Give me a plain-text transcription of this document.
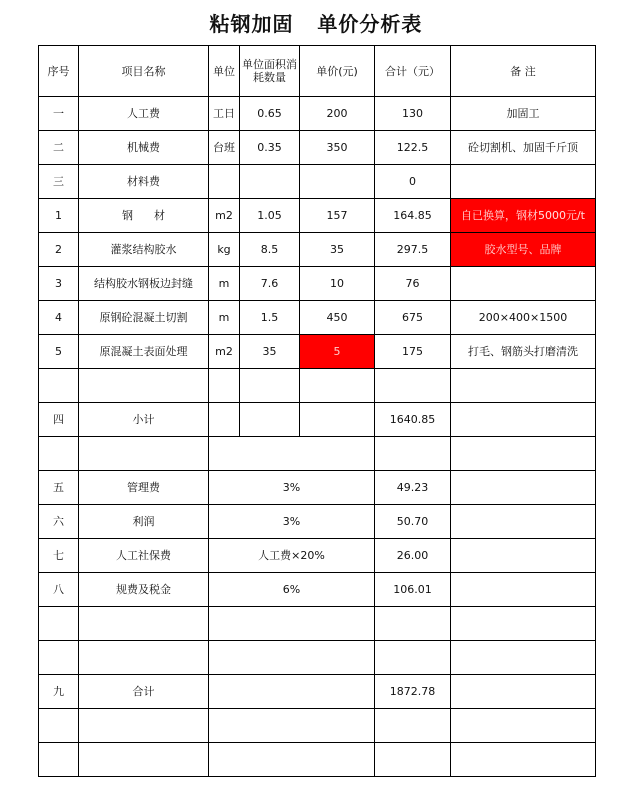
粘钢加固   单价分析表
序号	项目名称	单位	单位面积消耗数量	单价(元)	合计（元）	备 注
一	人工费	工日	0.65	200	130	加固工
二	机械费	台班	0.35	350	122.5	砼切割机、加固千斤顶
三	材料费				0	
1	钢      材	m2	1.05	157	164.85	自已换算，钢材5000元/t
2	灌浆结构胶水	kg	8.5	35	297.5	胶水型号、品牌
3	结构胶水钢板边封缝	m	7.6	10	76	
4	原钢砼混凝土切割	m	1.5	450	675	200×400×1500
5	原混凝土表面处理	m2	35	5	175	打毛、钢筋头打磨清洗

四	小计				1640.85	

五	管理费	3%			49.23	
六	利润	3%			50.70	
七	人工社保费	人工费×20%			26.00	
八	规费及税金	6%			106.01	

九	合计				1872.78	
